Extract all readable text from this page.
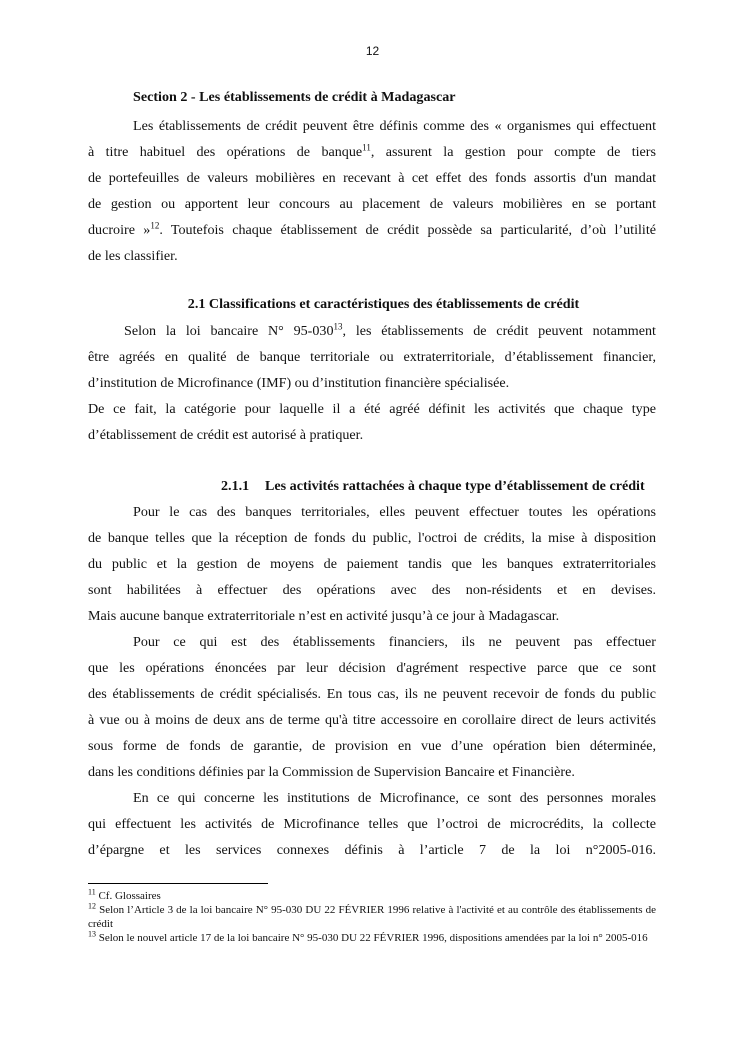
12
Section 2 - Les établissements de crédit à Madagascar

Les établissements de crédit peuvent être définis comme des « organismes qui effectuent

à titre habituel des opérations de banque$^{11}$, assurent la gestion pour compte de tiers

de portefeuilles de valeurs mobilières en recevant à cet effet des fonds assortis d'un mandat

de gestion ou apportent leur concours au placement de valeurs mobilières en se portant

ducroire »$^{12}$. Toutefois chaque établissement de crédit possède sa particularité, d’où l’utilité

de les classifier.

2.1 Classifications et caractéristiques des établissements de crédit

Selon la loi bancaire N° $95-030^{13}$, les établissements de crédit peuvent notamment

être agréés en qualité de banque territoriale ou extraterritoriale, d’établissement financier,

d’institution de Microfinance (IMF) ou d’institution financière spécialisée.

De ce fait, la catégorie pour laquelle il a été agréé définit les activités que chaque type

d’établissement de crédit est autorisé à pratiquer.

2.1.1 Les activités rattachées à chaque type d’établissement de crédit

Pour le cas des banques territoriales, elles peuvent effectuer toutes les opérations

de banque telles que la réception de fonds du public, l'octroi de crédits, la mise à disposition

du public et la gestion de moyens de paiement tandis que les banques extraterritoriales

sont habilitées à effectuer des opérations avec des non-résidents et en devises.

Mais aucune banque extraterritoriale n’est en activité jusqu’à ce jour à Madagascar.

Pour ce qui est des établissements financiers, ils ne peuvent pas effectuer

que les opérations énoncées par leur décision d'agrément respective parce que ce sont

des établissements de crédit spécialisés. En tous cas, ils ne peuvent recevoir de fonds du public

à vue ou à moins de deux ans de terme qu'à titre accessoire en corollaire direct de leurs activités

sous forme de fonds de garantie, de provision en vue d’une opération bien déterminée,

dans les conditions définies par la Commission de Supervision Bancaire et Financière.

En ce qui concerne les institutions de Microfinance, ce sont des personnes morales

qui effectuent les activités de Microfinance telles que l’octroi de microcrédits, la collecte

d’épargne et les services connexes définis à l’article 7 de la loi n°2005-016.

$^{11}$ Cf. Glossaires

$^{12}$ Selon l’Article 3 de la loi bancaire N° 95-030 DU 22 FÉVRIER 1996 relative à l'activité et au contrôle des établissements de crédit

$^{13}$ Selon le nouvel article 17 de la loi bancaire N° 95-030 DU 22 FÉVRIER 1996, dispositions amendées par la loi n° 2005-016
